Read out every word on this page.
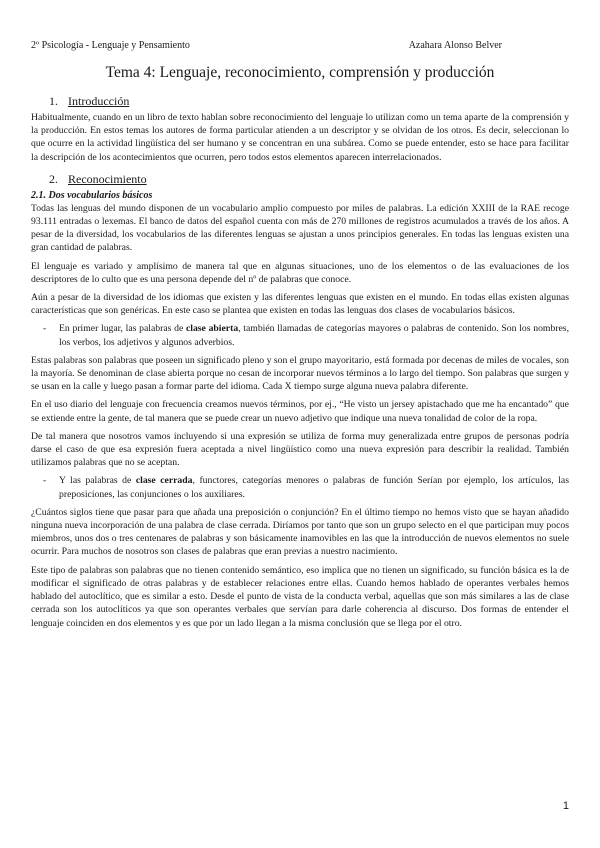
2º Psicología - Lenguaje y Pensamiento	Azahara Alonso Belver
Tema 4: Lenguaje, reconocimiento, comprensión y producción
1. Introducción

Habitualmente, cuando en un libro de texto hablan sobre reconocimiento del lenguaje lo utilizan como un tema aparte de la comprensión y la producción. En estos temas los autores de forma particular atienden a un descriptor y se olvidan de los otros. Es decir, seleccionan lo que ocurre en la actividad lingüística del ser humano y se concentran en una subárea. Como se puede entender, esto se hace para facilitar la descripción de los acontecimientos que ocurren, pero todos estos elementos aparecen interrelacionados.

2. Reconocimiento
2.1. Dos vocabularios básicos

Todas las lenguas del mundo disponen de un vocabulario amplio compuesto por miles de palabras. La edición XXIII de la RAE recoge 93.111 entradas o lexemas. El banco de datos del español cuenta con más de 270 millones de registros acumulados a través de los años. A pesar de la diversidad, los vocabularios de las diferentes lenguas se ajustan a unos principios generales. En todas las lenguas existen una gran cantidad de palabras.

El lenguaje es variado y amplísimo de manera tal que en algunas situaciones, uno de los elementos o de las evaluaciones de los descriptores de lo culto que es una persona depende del nº de palabras que conoce.

Aún a pesar de la diversidad de los idiomas que existen y las diferentes lenguas que existen en el mundo. En todas ellas existen algunas características que son genéricas. En este caso se plantea que existen en todas las lenguas dos clases de vocabularios básicos.

-	En primer lugar, las palabras de clase abierta, también llamadas de categorías mayores o palabras de contenido. Son los nombres, los verbos, los adjetivos y algunos adverbios.

Estas palabras son palabras que poseen un significado pleno y son el grupo mayoritario, está formada por decenas de miles de vocales, son la mayoría. Se denominan de clase abierta porque no cesan de incorporar nuevos términos a lo largo del tiempo. Son palabras que surgen y se usan en la calle y luego pasan a formar parte del idioma. Cada X tiempo surge alguna nueva palabra diferente.

En el uso diario del lenguaje con frecuencia creamos nuevos términos, por ej., “He visto un jersey apistachado que me ha encantado” que se extiende entre la gente, de tal manera que se puede crear un nuevo adjetivo que indique una nueva tonalidad de color de la ropa.

De tal manera que nosotros vamos incluyendo si una expresión se utiliza de forma muy generalizada entre grupos de personas podría darse el caso de que esa expresión fuera aceptada a nivel lingüístico como una nueva expresión para describir la realidad. También utilizamos palabras que no se aceptan.

-	Y las palabras de clase cerrada, functores, categorías menores o palabras de función Serían por ejemplo, los artículos, las preposiciones, las conjunciones o los auxiliares.

¿Cuántos siglos tiene que pasar para que añada una preposición o conjunción? En el último tiempo no hemos visto que se hayan añadido ninguna nueva incorporación de una palabra de clase cerrada. Diríamos por tanto que son un grupo selecto en el que participan muy pocos miembros, unos dos o tres centenares de palabras y son básicamente inamovibles en las que la introducción de nuevos elementos no suele ocurrir. Para muchos de nosotros son clases de palabras que eran previas a nuestro nacimiento.

Este tipo de palabras son palabras que no tienen contenido semántico, eso implica que no tienen un significado, su función básica es la de modificar el significado de otras palabras y de establecer relaciones entre ellas. Cuando hemos hablado de operantes verbales hemos hablado del autoclítico, que es similar a esto. Desde el punto de vista de la conducta verbal, aquellas que son más similares a las de clase cerrada son los autoclíticos ya que son operantes verbales que servían para darle coherencia al discurso. Dos formas de entender el lenguaje coinciden en dos elementos y es que por un lado llegan a la misma conclusión que se llega por el otro.

1
